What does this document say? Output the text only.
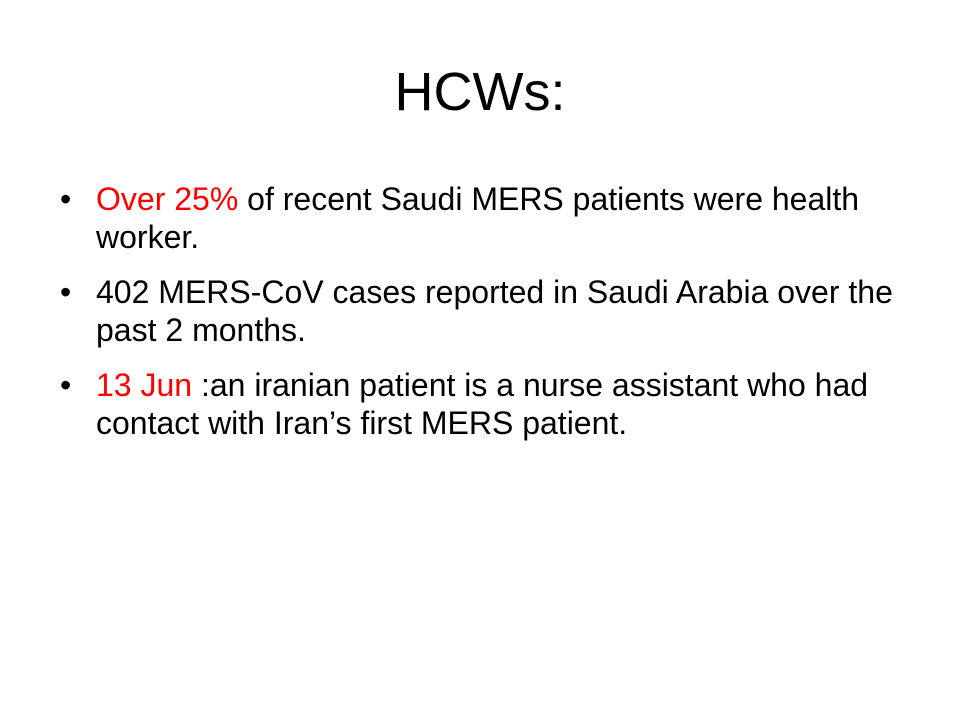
HCWs:
• Over 25% of recent Saudi MERS patients were health worker.
• 402 MERS-CoV cases reported in Saudi Arabia over the past 2 months.
• 13 Jun :an iranian patient is a nurse assistant who had contact with Iran’s first MERS patient.
